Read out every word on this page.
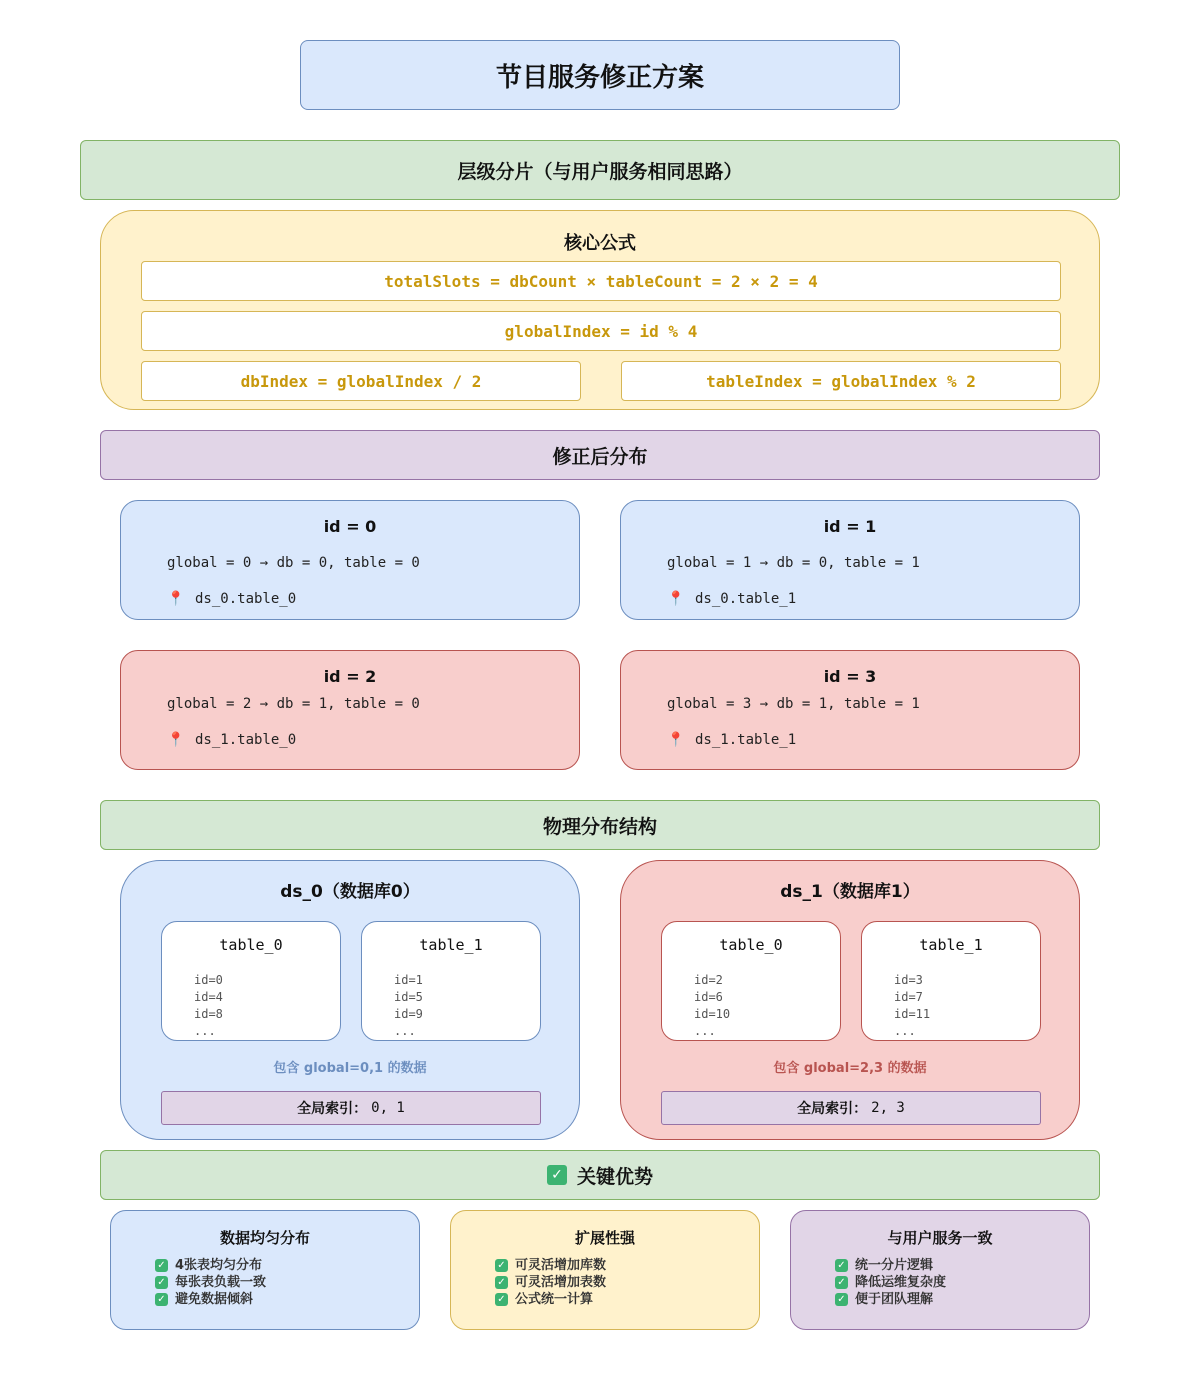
节目服务修正方案
层级分片（与用户服务相同思路）
核心公式
totalSlots = dbCount × tableCount = 2 × 2 = 4
globalIndex = id % 4
dbIndex = globalIndex / 2	tableIndex = globalIndex % 2
修正后分布
id = 0
global = 0 → db = 0, table = 0
📍 ds_0.table_0
id = 1
global = 1 → db = 0, table = 1
📍 ds_0.table_1
id = 2
global = 2 → db = 1, table = 0
📍 ds_1.table_0
id = 3
global = 3 → db = 1, table = 1
📍 ds_1.table_1
物理分布结构
ds_0（数据库0）
table_0
id=0
id=4
id=8
...
table_1
id=1
id=5
id=9
...
包含 global=0,1 的数据
全局索引： 0, 1
ds_1（数据库1）
table_0
id=2
id=6
id=10
...
table_1
id=3
id=7
id=11
...
包含 global=2,3 的数据
全局索引： 2, 3
✓ 关键优势
数据均匀分布
✓ 4张表均匀分布
✓ 每张表负载一致
✓ 避免数据倾斜
扩展性强
✓ 可灵活增加库数
✓ 可灵活增加表数
✓ 公式统一计算
与用户服务一致
✓ 统一分片逻辑
✓ 降低运维复杂度
✓ 便于团队理解
